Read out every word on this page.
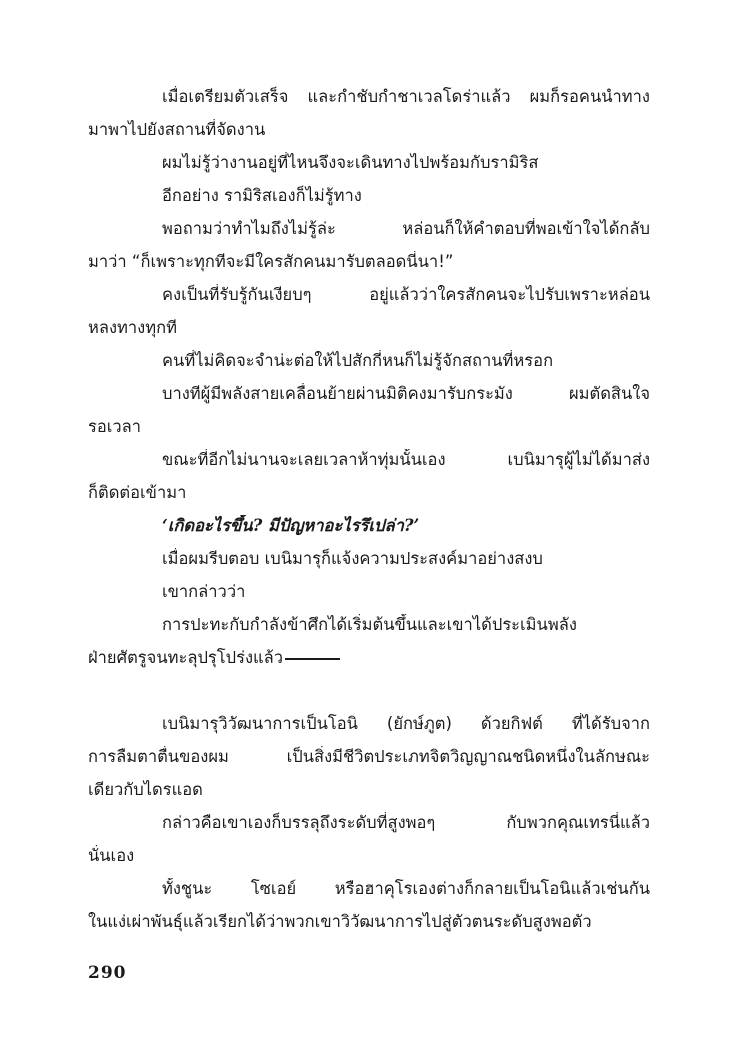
เมื่อเตรียมตัวเสร็จ และกำชับกำชาเวลโดร่าแล้ว ผมก็รอคนนำทาง
มาพาไปยังสถานที่จัดงาน
ผมไม่รู้ว่างานอยู่ที่ไหนจึงจะเดินทางไปพร้อมกับรามิริส
อีกอย่าง รามิริสเองก็ไม่รู้ทาง
พอถามว่าทำไมถึงไม่รู้ล่ะ หล่อนก็ให้คำตอบที่พอเข้าใจได้กลับ
มาว่า “ก็เพราะทุกทีจะมีใครสักคนมารับตลอดนี่นา!”
คงเป็นที่รับรู้กันเงียบๆ อยู่แล้วว่าใครสักคนจะไปรับเพราะหล่อน
หลงทางทุกที
คนที่ไม่คิดจะจำน่ะต่อให้ไปสักกี่หนก็ไม่รู้จักสถานที่หรอก
บางทีผู้มีพลังสายเคลื่อนย้ายผ่านมิติคงมารับกระมัง ผมตัดสินใจ
รอเวลา
ขณะที่อีกไม่นานจะเลยเวลาห้าทุ่มนั้นเอง เบนิมารุผู้ไม่ได้มาส่ง
ก็ติดต่อเข้ามา
‘เกิดอะไรขึ้น? มีปัญหาอะไรรึเปล่า?’
เมื่อผมรีบตอบ เบนิมารุก็แจ้งความประสงค์มาอย่างสงบ
เขากล่าวว่า
การปะทะกับกำลังข้าศึกได้เริ่มต้นขึ้นและเขาได้ประเมินพลัง
ฝ่ายศัตรูจนทะลุปรุโปร่งแล้ว
เบนิมารุวิวัฒนาการเป็นโอนิ (ยักษ์ภูต) ด้วยกิฟต์ ที่ได้รับจาก
การลืมตาตื่นของผม เป็นสิ่งมีชีวิตประเภทจิตวิญญาณชนิดหนึ่งในลักษณะ
เดียวกับไดรแอด
กล่าวคือเขาเองก็บรรลุถึงระดับที่สูงพอๆ กับพวกคุณเทรนี่แล้ว
นั่นเอง
ทั้งชูนะ โซเอย์ หรือฮาคุโรเองต่างก็กลายเป็นโอนิแล้วเช่นกัน
ในแง่เผ่าพันธุ์แล้วเรียกได้ว่าพวกเขาวิวัฒนาการไปสู่ตัวตนระดับสูงพอตัว
290
